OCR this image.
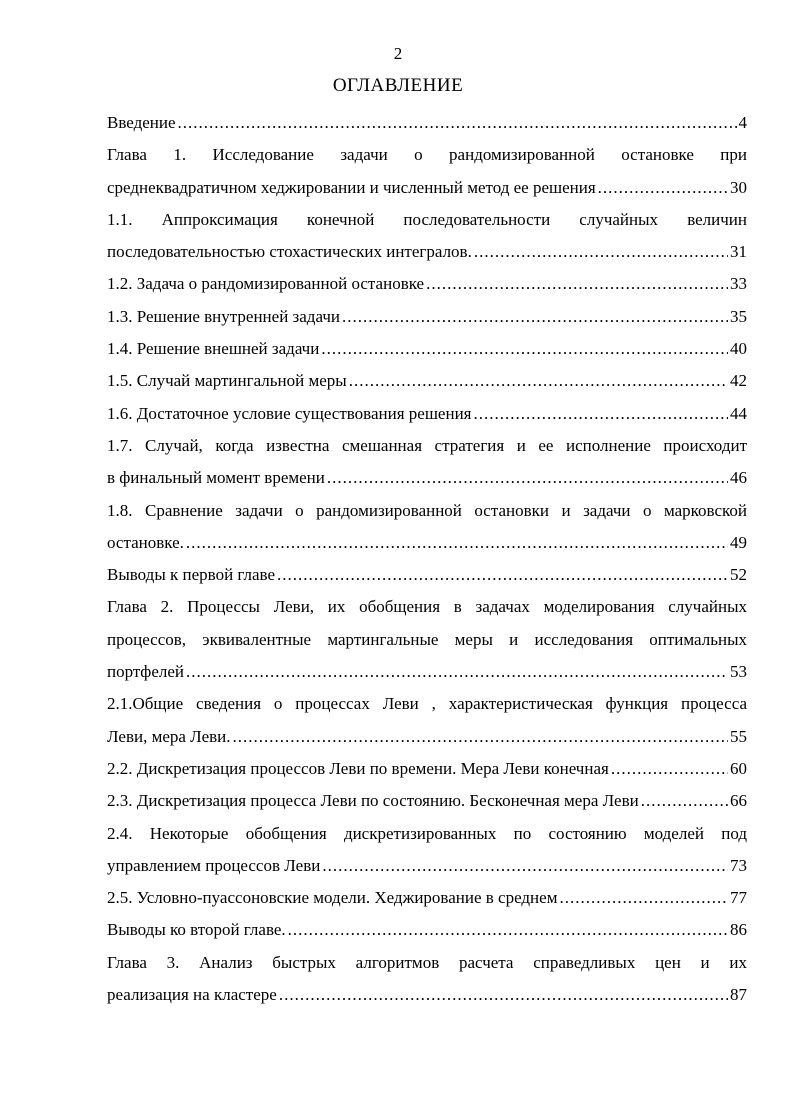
2
ОГЛАВЛЕНИЕ
Введение .....	4
Глава 1. Исследование задачи о рандомизированной остановке при
среднеквадратичном хеджировании и численный метод ее решения .....	30
1.1. Аппроксимация конечной последовательности случайных величин
последовательностью стохастических интегралов. .....	31
1.2. Задача о рандомизированной остановке .....	33
1.3. Решение внутренней задачи .....	35
1.4. Решение внешней задачи .....	40
1.5. Случай мартингальной меры .....	42
1.6. Достаточное условие существования решения .....	44
1.7. Случай, когда известна смешанная стратегия и ее исполнение происходит
в финальный момент времени .....	46
1.8. Сравнение задачи о рандомизированной остановки и задачи о марковской
остановке. .....	49
Выводы к первой главе .....	52
Глава 2. Процессы Леви, их обобщения в задачах моделирования случайных
процессов, эквивалентные мартингальные меры и исследования оптимальных
портфелей .....	53
2.1.Общие сведения о процессах Леви , характеристическая функция процесса
Леви, мера Леви. .....	55
2.2. Дискретизация процессов Леви по времени. Мера Леви конечная .....	60
2.3. Дискретизация процесса Леви по состоянию. Бесконечная мера Леви .....	66
2.4. Некоторые обобщения дискретизированных по состоянию моделей под
управлением процессов Леви .....	73
2.5. Условно-пуассоновские модели. Хеджирование в среднем .....	77
Выводы ко второй главе. .....	86
Глава 3. Анализ быстрых алгоритмов расчета справедливых цен и их
реализация на кластере .....	87
